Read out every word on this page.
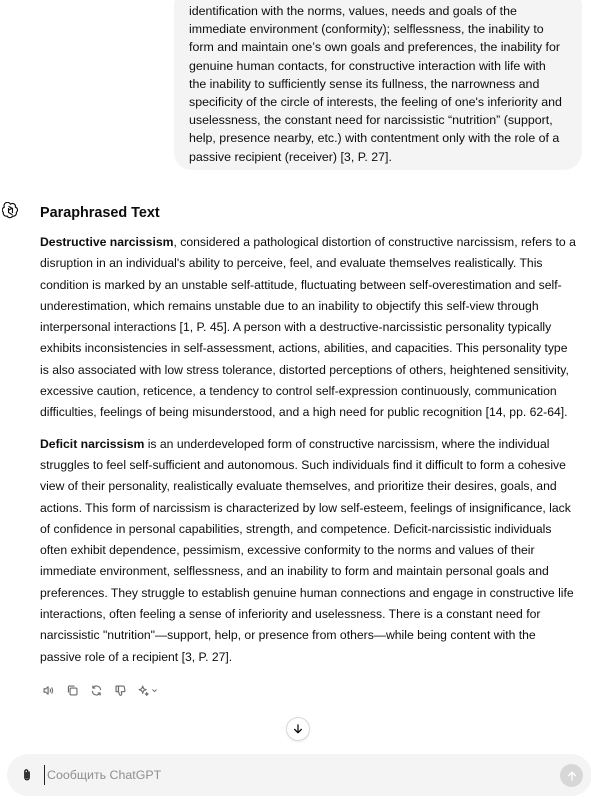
identification with the norms, values, needs and goals of the immediate environment (conformity); selflessness, the inability to form and maintain one’s own goals and preferences, the inability for genuine human contacts, for constructive interaction with life with the inability to sufficiently sense its fullness, the narrowness and specificity of the circle of interests, the feeling of one's inferiority and uselessness, the constant need for narcissistic “nutrition” (support, help, presence nearby, etc.) with contentment only with the role of a passive recipient (receiver) [3, P. 27].

Paraphrased Text

Destructive narcissism, considered a pathological distortion of constructive narcissism, refers to a disruption in an individual's ability to perceive, feel, and evaluate themselves realistically. This condition is marked by an unstable self-attitude, fluctuating between self-overestimation and self-underestimation, which remains unstable due to an inability to objectify this self-view through interpersonal interactions [1, P. 45]. A person with a destructive-narcissistic personality typically exhibits inconsistencies in self-assessment, actions, abilities, and capacities. This personality type is also associated with low stress tolerance, distorted perceptions of others, heightened sensitivity, excessive caution, reticence, a tendency to control self-expression continuously, communication difficulties, feelings of being misunderstood, and a high need for public recognition [14, pp. 62-64].

Deficit narcissism is an underdeveloped form of constructive narcissism, where the individual struggles to feel self-sufficient and autonomous. Such individuals find it difficult to form a cohesive view of their personality, realistically evaluate themselves, and prioritize their desires, goals, and actions. This form of narcissism is characterized by low self-esteem, feelings of insignificance, lack of confidence in personal capabilities, strength, and competence. Deficit-narcissistic individuals often exhibit dependence, pessimism, excessive conformity to the norms and values of their immediate environment, selflessness, and an inability to form and maintain personal goals and preferences. They struggle to establish genuine human connections and engage in constructive life interactions, often feeling a sense of inferiority and uselessness. There is a constant need for narcissistic "nutrition"—support, help, or presence from others—while being content with the passive role of a recipient [3, P. 27].

Сообщить ChatGPT
